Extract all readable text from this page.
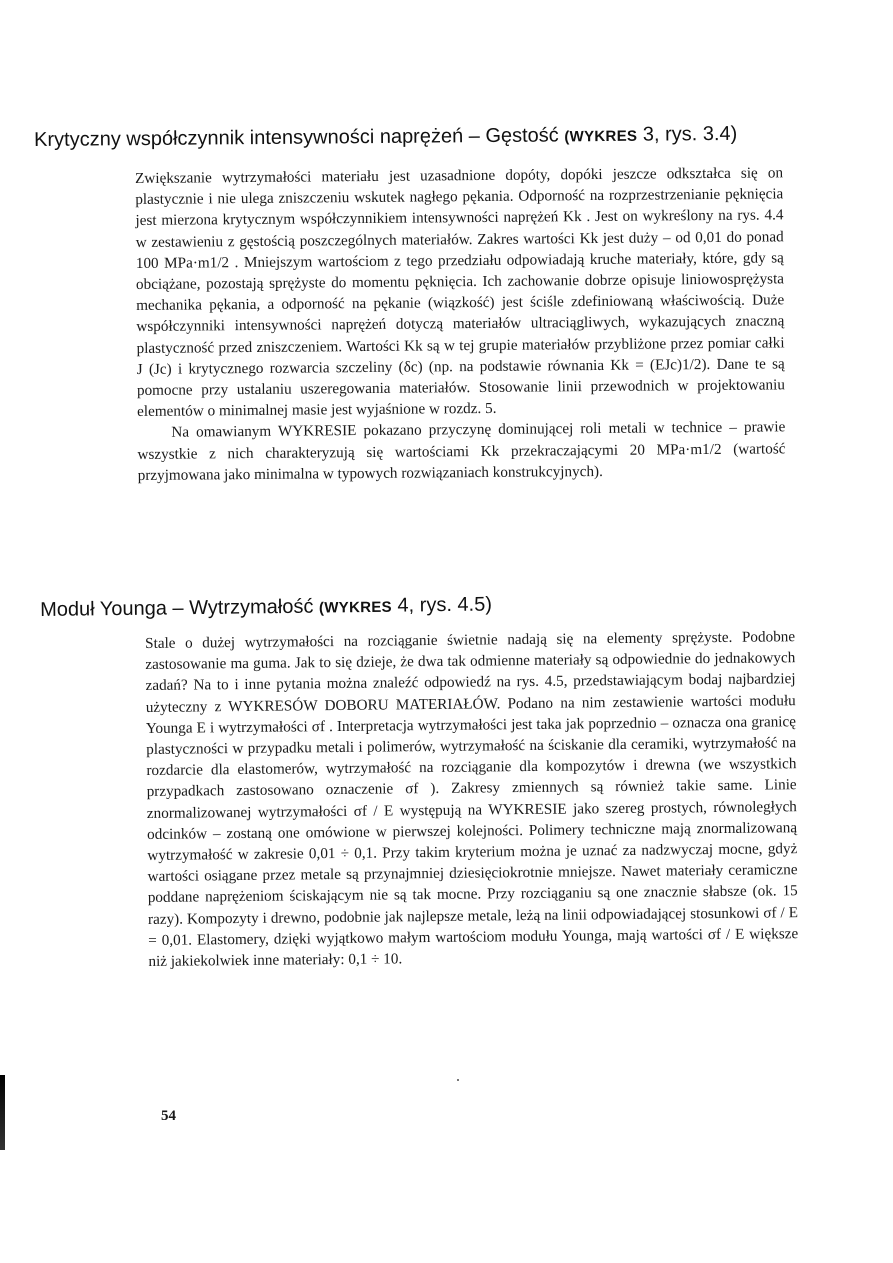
Krytyczny współczynnik intensywności naprężeń – Gęstość (WYKRES 3, rys. 3.4)

Zwiększanie wytrzymałości materiału jest uzasadnione dopóty, dopóki jeszcze odkształca się on plastycznie i nie ulega zniszczeniu wskutek nagłego pękania. Odporność na rozprzestrzenianie pęknięcia jest mierzona krytycznym współczynnikiem intensywności naprężeń Kk . Jest on wykreślony na rys. 4.4 w zestawieniu z gęstością poszczególnych materiałów. Zakres wartości Kk jest duży – od 0,01 do ponad 100 MPa·m1/2 . Mniejszym wartościom z tego przedziału odpowiadają kruche materiały, które, gdy są obciążane, pozostają sprężyste do momentu pęknięcia. Ich zachowanie dobrze opisuje liniowosprężysta mechanika pękania, a odporność na pękanie (wiązkość) jest ściśle zdefiniowaną właściwością. Duże współczynniki intensywności naprężeń dotyczą materiałów ultraciągliwych, wykazujących znaczną plastyczność przed zniszczeniem. Wartości Kk są w tej grupie materiałów przybliżone przez pomiar całki J (Jc) i krytycznego rozwarcia szczeliny (δc) (np. na podstawie równania Kk = (EJc)1/2). Dane te są pomocne przy ustalaniu uszeregowania materiałów. Stosowanie linii przewodnich w projektowaniu elementów o minimalnej masie jest wyjaśnione w rozdz. 5.

Na omawianym WYKRESIE pokazano przyczynę dominującej roli metali w technice – prawie wszystkie z nich charakteryzują się wartościami Kk przekraczającymi 20 MPa·m1/2 (wartość przyjmowana jako minimalna w typowych rozwiązaniach konstrukcyjnych).

Moduł Younga – Wytrzymałość (WYKRES 4, rys. 4.5)

Stale o dużej wytrzymałości na rozciąganie świetnie nadają się na elementy sprężyste. Podobne zastosowanie ma guma. Jak to się dzieje, że dwa tak odmienne materiały są odpowiednie do jednakowych zadań? Na to i inne pytania można znaleźć odpowiedź na rys. 4.5, przedstawiającym bodaj najbardziej użyteczny z WYKRESÓW DOBORU MATERIAŁÓW. Podano na nim zestawienie wartości modułu Younga E i wytrzymałości σf . Interpretacja wytrzymałości jest taka jak poprzednio – oznacza ona granicę plastyczności w przypadku metali i polimerów, wytrzymałość na ściskanie dla ceramiki, wytrzymałość na rozdarcie dla elastomerów, wytrzymałość na rozciąganie dla kompozytów i drewna (we wszystkich przypadkach zastosowano oznaczenie σf ). Zakresy zmiennych są również takie same. Linie znormalizowanej wytrzymałości σf / E występują na WYKRESIE jako szereg prostych, równoległych odcinków – zostaną one omówione w pierwszej kolejności. Polimery techniczne mają znormalizowaną wytrzymałość w zakresie 0,01 ÷ 0,1. Przy takim kryterium można je uznać za nadzwyczaj mocne, gdyż wartości osiągane przez metale są przynajmniej dziesięciokrotnie mniejsze. Nawet materiały ceramiczne poddane naprężeniom ściskającym nie są tak mocne. Przy rozciąganiu są one znacznie słabsze (ok. 15 razy). Kompozyty i drewno, podobnie jak najlepsze metale, leżą na linii odpowiadającej stosunkowi σf / E = 0,01. Elastomery, dzięki wyjątkowo małym wartościom modułu Younga, mają wartości σf / E większe niż jakiekolwiek inne materiały: 0,1 ÷ 10.

54
